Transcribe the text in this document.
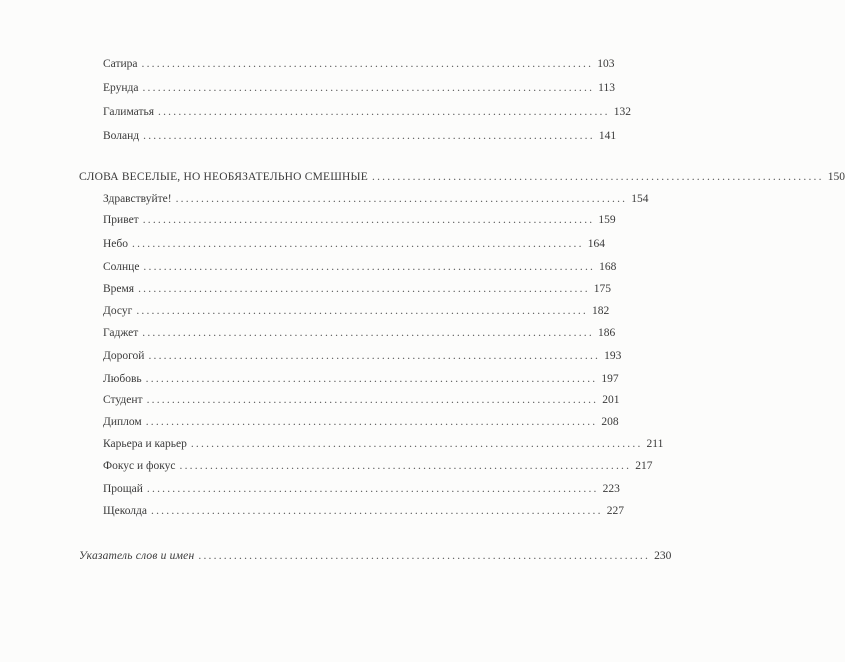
Сатира ......................................................................................... 103
Ерунда ......................................................................................... 113
Галиматья ......................................................................................... 132
Воланд ......................................................................................... 141
СЛОВА ВЕСЕЛЫЕ, НО НЕОБЯЗАТЕЛЬНО СМЕШНЫЕ ......................................................................................... 150
Здравствуйте! ......................................................................................... 154
Привет ......................................................................................... 159
Небо ......................................................................................... 164
Солнце ......................................................................................... 168
Время ......................................................................................... 175
Досуг ......................................................................................... 182
Гаджет ......................................................................................... 186
Дорогой ......................................................................................... 193
Любовь ......................................................................................... 197
Студент ......................................................................................... 201
Диплом ......................................................................................... 208
Карьера и карьер ......................................................................................... 211
Фокус и фокус ......................................................................................... 217
Прощай ......................................................................................... 223
Щеколда ......................................................................................... 227
Указатель слов и имен ......................................................................................... 230
